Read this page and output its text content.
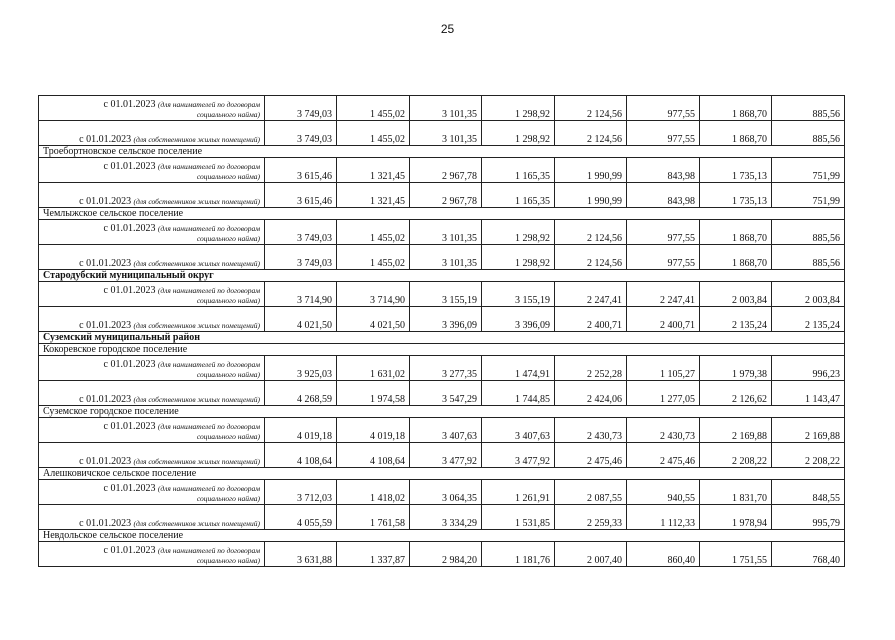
25
с 01.01.2023 (для нанимателей по договорам
социального найма)	3 749,03	1 455,02	3 101,35	1 298,92	2 124,56	977,55	1 868,70	885,56

с 01.01.2023 (для собственников жилых помещений)	3 749,03	1 455,02	3 101,35	1 298,92	2 124,56	977,55	1 868,70	885,56
Троебортновское сельское поселение								

с 01.01.2023 (для нанимателей по договорам
социального найма)	3 615,46	1 321,45	2 967,78	1 165,35	1 990,99	843,98	1 735,13	751,99

с 01.01.2023 (для собственников жилых помещений)	3 615,46	1 321,45	2 967,78	1 165,35	1 990,99	843,98	1 735,13	751,99
Чемлыжское сельское поселение								

с 01.01.2023 (для нанимателей по договорам
социального найма)	3 749,03	1 455,02	3 101,35	1 298,92	2 124,56	977,55	1 868,70	885,56

с 01.01.2023 (для собственников жилых помещений)	3 749,03	1 455,02	3 101,35	1 298,92	2 124,56	977,55	1 868,70	885,56
Стародубский муниципальный округ								

с 01.01.2023 (для нанимателей по договорам
социального найма)	3 714,90	3 714,90	3 155,19	3 155,19	2 247,41	2 247,41	2 003,84	2 003,84

с 01.01.2023 (для собственников жилых помещений)	4 021,50	4 021,50	3 396,09	3 396,09	2 400,71	2 400,71	2 135,24	2 135,24
Суземский муниципальный район								
Кокоревское городское поселение								

с 01.01.2023 (для нанимателей по договорам
социального найма)	3 925,03	1 631,02	3 277,35	1 474,91	2 252,28	1 105,27	1 979,38	996,23

с 01.01.2023 (для собственников жилых помещений)	4 268,59	1 974,58	3 547,29	1 744,85	2 424,06	1 277,05	2 126,62	1 143,47
Суземское городское поселение								

с 01.01.2023 (для нанимателей по договорам
социального найма)	4 019,18	4 019,18	3 407,63	3 407,63	2 430,73	2 430,73	2 169,88	2 169,88

с 01.01.2023 (для собственников жилых помещений)	4 108,64	4 108,64	3 477,92	3 477,92	2 475,46	2 475,46	2 208,22	2 208,22
Алешковичское сельское поселение								

с 01.01.2023 (для нанимателей по договорам
социального найма)	3 712,03	1 418,02	3 064,35	1 261,91	2 087,55	940,55	1 831,70	848,55

с 01.01.2023 (для собственников жилых помещений)	4 055,59	1 761,58	3 334,29	1 531,85	2 259,33	1 112,33	1 978,94	995,79
Невдольское сельское поселение								

с 01.01.2023 (для нанимателей по договорам
социального найма)	3 631,88	1 337,87	2 984,20	1 181,76	2 007,40	860,40	1 751,55	768,40
